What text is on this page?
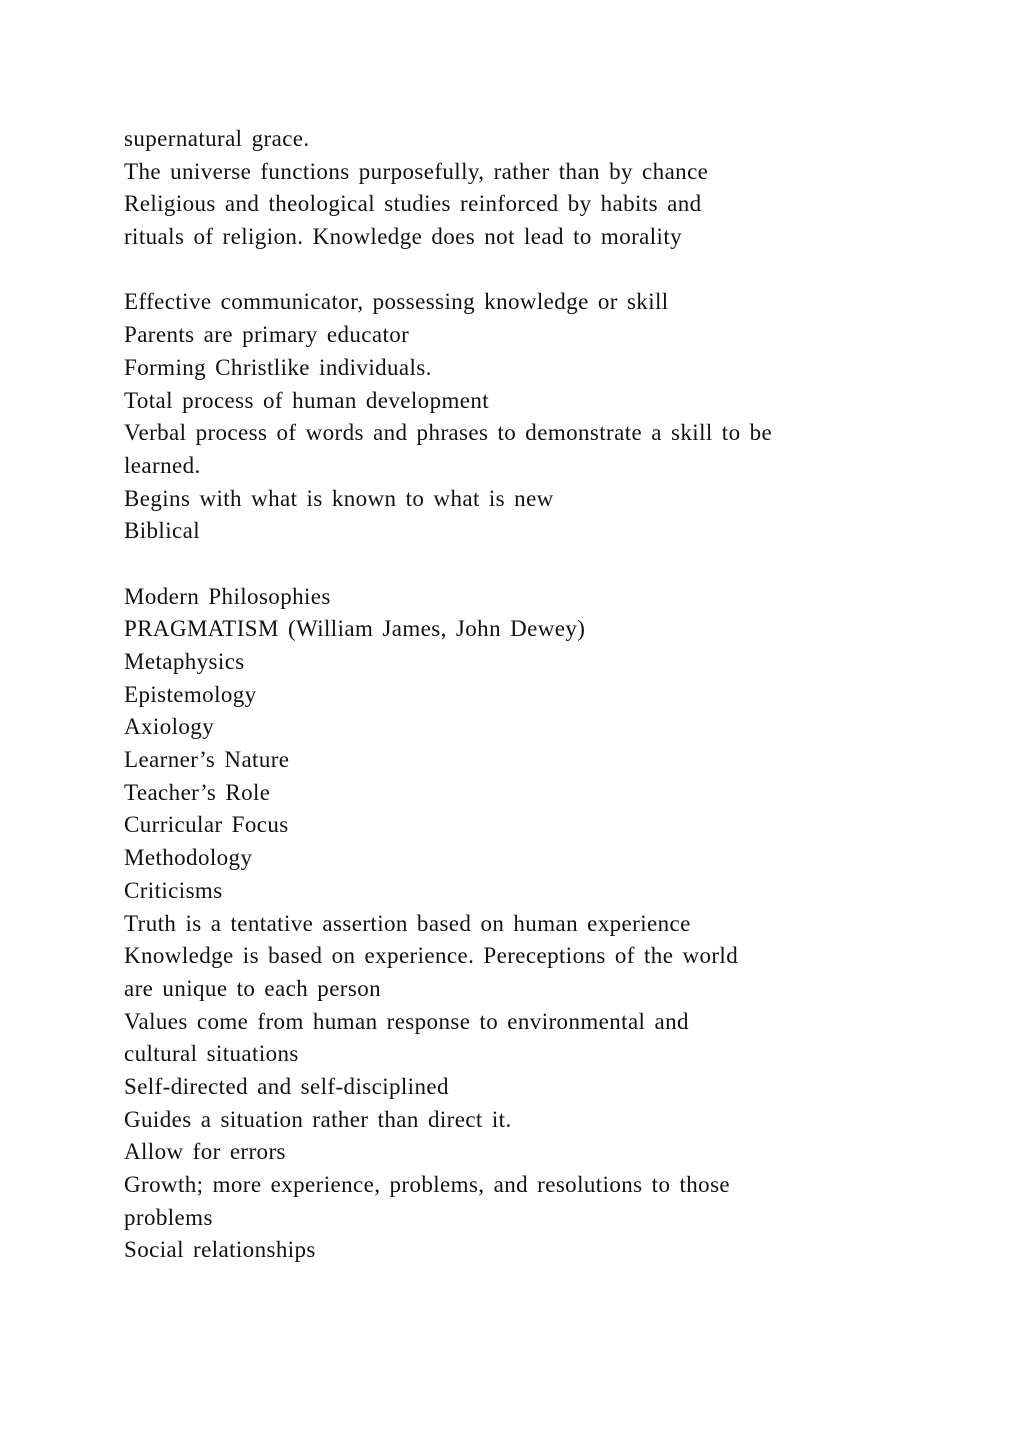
supernatural grace.
The universe functions purposefully, rather than by chance
Religious and theological studies reinforced by habits and
rituals of religion. Knowledge does not lead to morality
Effective communicator, possessing knowledge or skill
Parents are primary educator
Forming Christlike individuals.
Total process of human development
Verbal process of words and phrases to demonstrate a skill to be
learned.
Begins with what is known to what is new
Biblical
Modern Philosophies
PRAGMATISM (William James, John Dewey)
Metaphysics
Epistemology
Axiology
Learner’s Nature
Teacher’s Role
Curricular Focus
Methodology
Criticisms
Truth is a tentative assertion based on human experience
Knowledge is based on experience. Pereceptions of the world
are unique to each person
Values come from human response to environmental and
cultural situations
Self-directed and self-disciplined
Guides a situation rather than direct it.
Allow for errors
Growth; more experience, problems, and resolutions to those
problems
Social relationships
